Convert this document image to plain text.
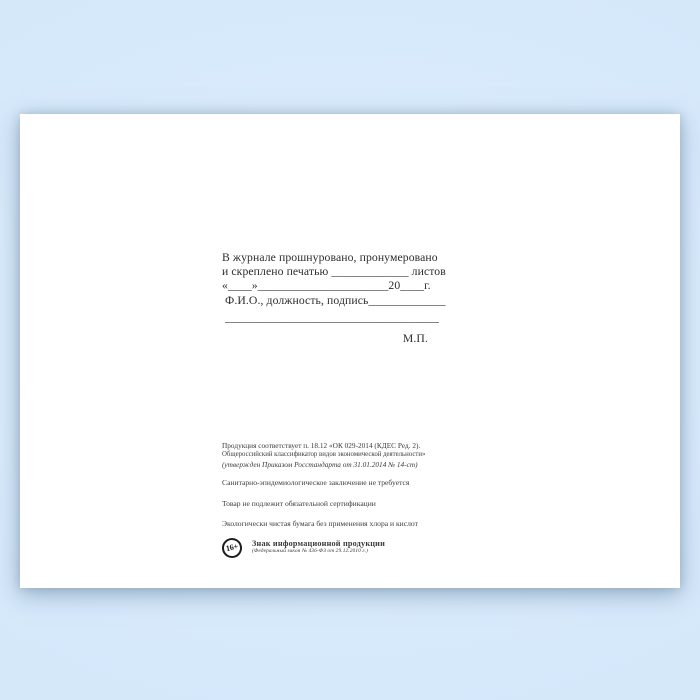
В журнале прошнуровано, пронумеровано
и скреплено печатью _____________ листов
«____»______________________20____г.
Ф.И.О., должность, подпись_____________
____________________________________
М.П.
Продукция соответствует п. 18.12 «ОК 029-2014 (КДЕС Ред. 2).
Общероссийский классификатор видов экономической деятельности»
(утвержден Приказом Росстандарта от 31.01.2014 № 14-ст)
Санитарно-эпидемиологическое заключение не требуется
Товар не подлежит обязательной сертификации
Экологически чистая бумага без применения хлора и кислот
16+	Знак информационной продукции
(Федеральный закон № 436-ФЗ от 29.12.2010 г.)
